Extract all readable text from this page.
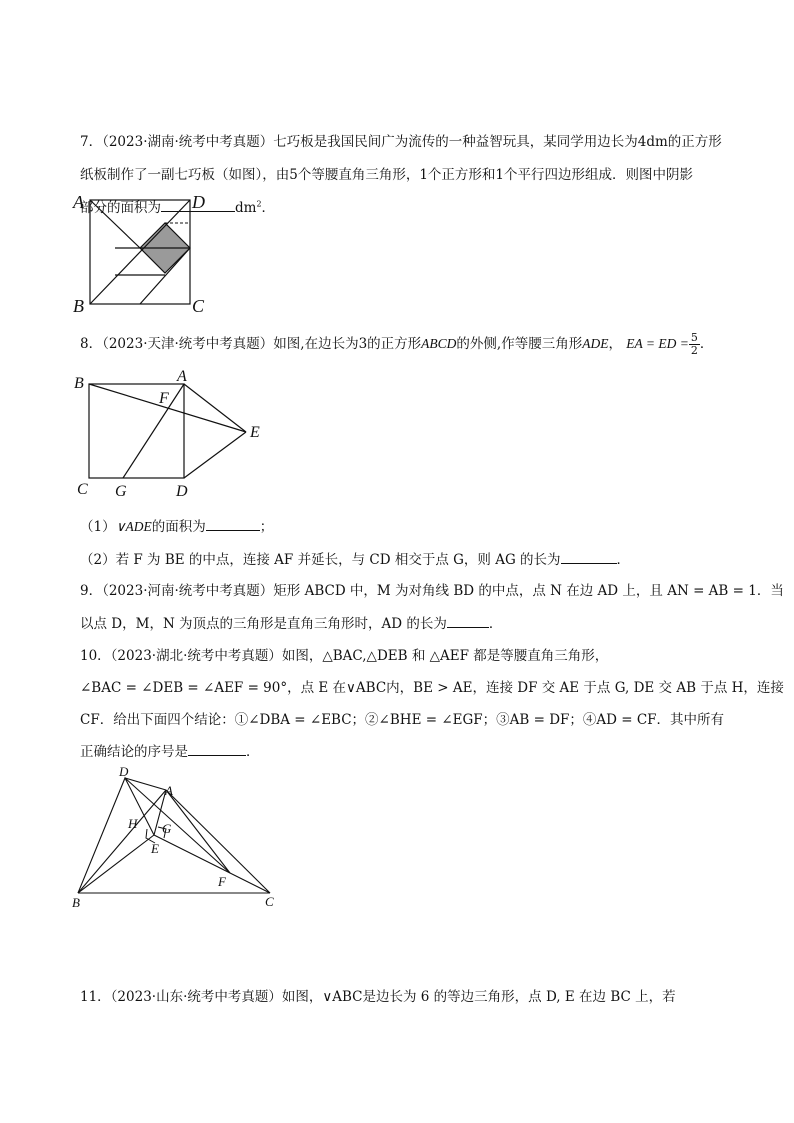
7．（2023·湖南·统考中考真题）七巧板是我国民间广为流传的一种益智玩具，某同学用边长为4dm的正方形
纸板制作了一副七巧板（如图），由5个等腰直角三角形，1个正方形和1个平行四边形组成．则图中阴影
部分的面积为	$dm^2$．
A	D
B	C
8．（2023·天津·统考中考真题）如图,在边长为3的正方形ABCD的外侧,作等腰三角形ADE， EA = ED = $\frac{5}{2}$ ．
B	A
F
E
C G	D
（1）∨ADE的面积为	；
（2）若 F 为 BE 的中点，连接 AF 并延长，与 CD 相交于点 G，则 AG 的长为	．
9．（2023·河南·统考中考真题）矩形 ABCD 中，M 为对角线 BD 的中点，点 N 在边 AD 上，且 AN = AB = 1．当
以点 D，M，N 为顶点的三角形是直角三角形时，AD 的长为	．
10．（2023·湖北·统考中考真题）如图，△BAC,△DEB 和 △AEF 都是等腰直角三角形，
∠BAC = ∠DEB = ∠AEF = 90°，点 E 在∨ABC内，BE > AE，连接 DF 交 AE 于点 G, DE 交 AB 于点 H，连接
CF．给出下面四个结论：①∠DBA = ∠EBC；②∠BHE = ∠EGF；③AB = DF；④AD = CF．其中所有
正确结论的序号是	．
D
A
H G
E
F
B	C
11．（2023·山东·统考中考真题）如图，∨ABC是边长为 6 的等边三角形，点 D, E 在边 BC 上，若
